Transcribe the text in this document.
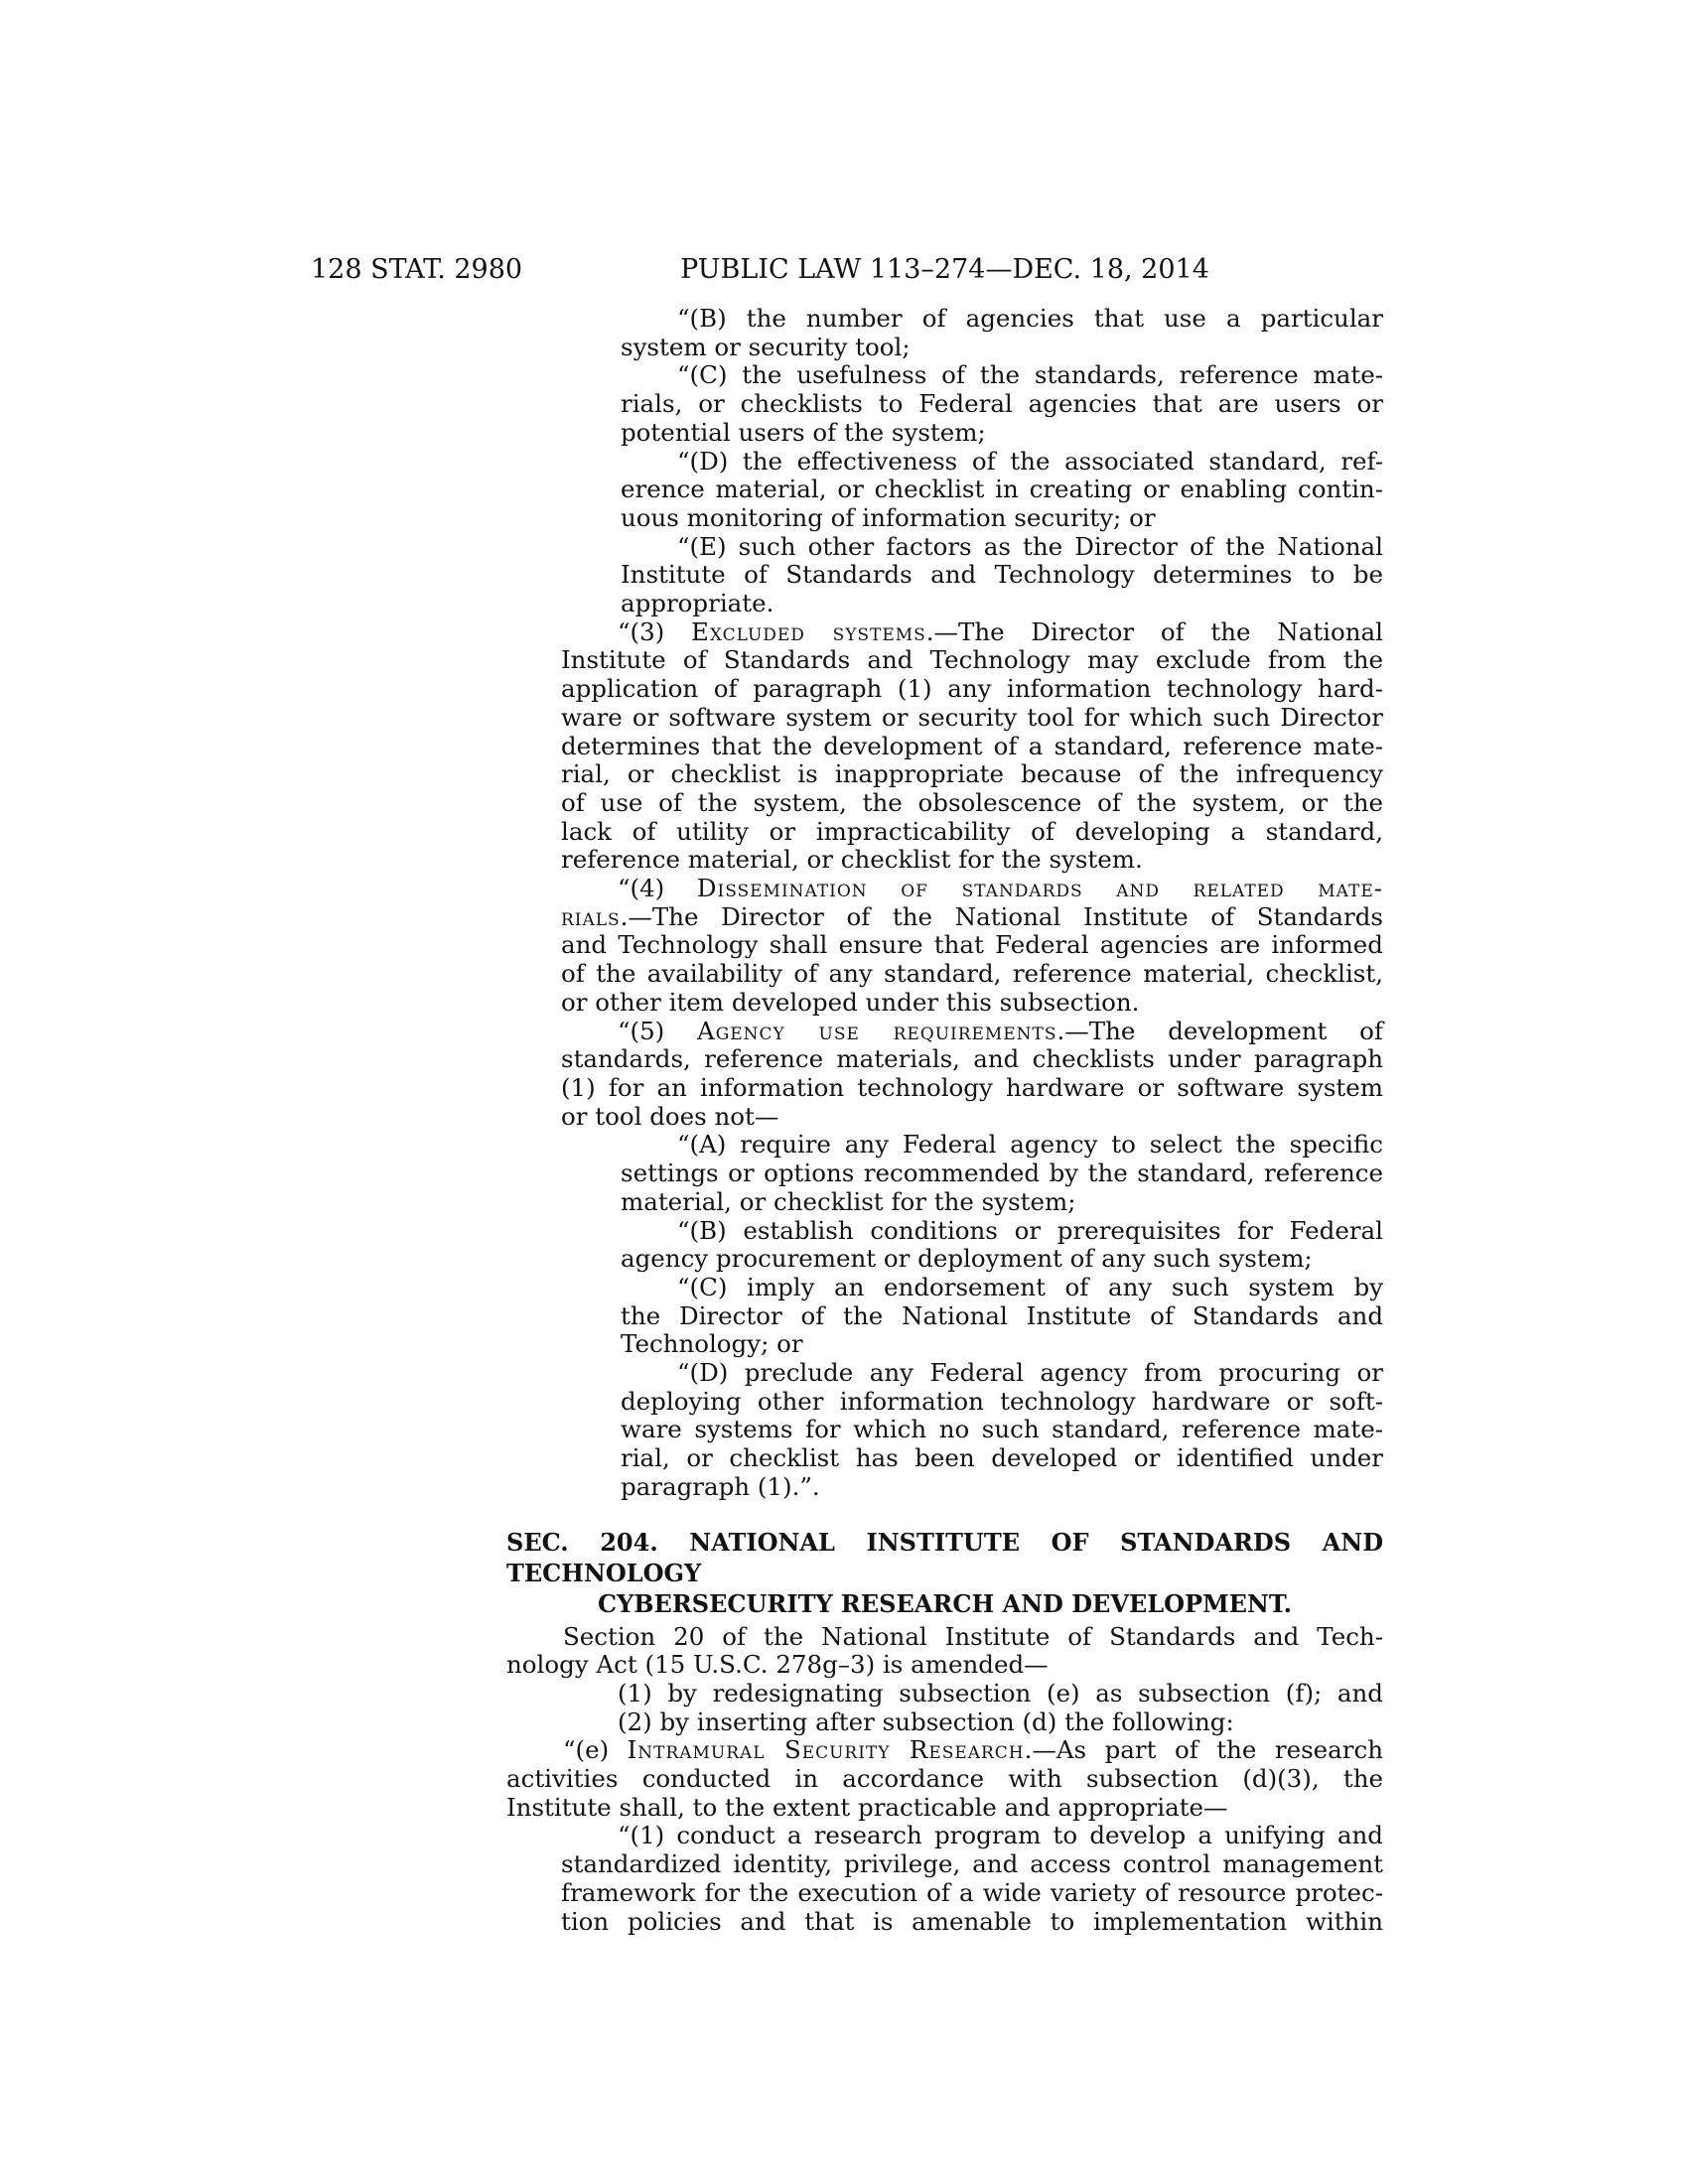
128 STAT. 2980	PUBLIC LAW 113–274—DEC. 18, 2014
“(B) the number of agencies that use a particular
system or security tool;
“(C) the usefulness of the standards, reference mate-
rials, or checklists to Federal agencies that are users or
potential users of the system;
“(D) the effectiveness of the associated standard, ref-
erence material, or checklist in creating or enabling contin-
uous monitoring of information security; or
“(E) such other factors as the Director of the National
Institute of Standards and Technology determines to be
appropriate.
“(3) Excluded systems.—The Director of the National
Institute of Standards and Technology may exclude from the
application of paragraph (1) any information technology hard-
ware or software system or security tool for which such Director
determines that the development of a standard, reference mate-
rial, or checklist is inappropriate because of the infrequency
of use of the system, the obsolescence of the system, or the
lack of utility or impracticability of developing a standard,
reference material, or checklist for the system.
“(4) Dissemination of standards and related mate-
rials.—The Director of the National Institute of Standards
and Technology shall ensure that Federal agencies are informed
of the availability of any standard, reference material, checklist,
or other item developed under this subsection.
“(5) Agency use requirements.—The development of
standards, reference materials, and checklists under paragraph
(1) for an information technology hardware or software system
or tool does not—
“(A) require any Federal agency to select the specific
settings or options recommended by the standard, reference
material, or checklist for the system;
“(B) establish conditions or prerequisites for Federal
agency procurement or deployment of any such system;
“(C) imply an endorsement of any such system by
the Director of the National Institute of Standards and
Technology; or
“(D) preclude any Federal agency from procuring or
deploying other information technology hardware or soft-
ware systems for which no such standard, reference mate-
rial, or checklist has been developed or identified under
paragraph (1).”.
SEC. 204. NATIONAL INSTITUTE OF STANDARDS AND TECHNOLOGY
CYBERSECURITY RESEARCH AND DEVELOPMENT.
Section 20 of the National Institute of Standards and Tech-
nology Act (15 U.S.C. 278g–3) is amended—
(1) by redesignating subsection (e) as subsection (f); and
(2) by inserting after subsection (d) the following:
“(e) Intramural Security Research.—As part of the research
activities conducted in accordance with subsection (d)(3), the
Institute shall, to the extent practicable and appropriate—
“(1) conduct a research program to develop a unifying and
standardized identity, privilege, and access control management
framework for the execution of a wide variety of resource protec-
tion policies and that is amenable to implementation within
